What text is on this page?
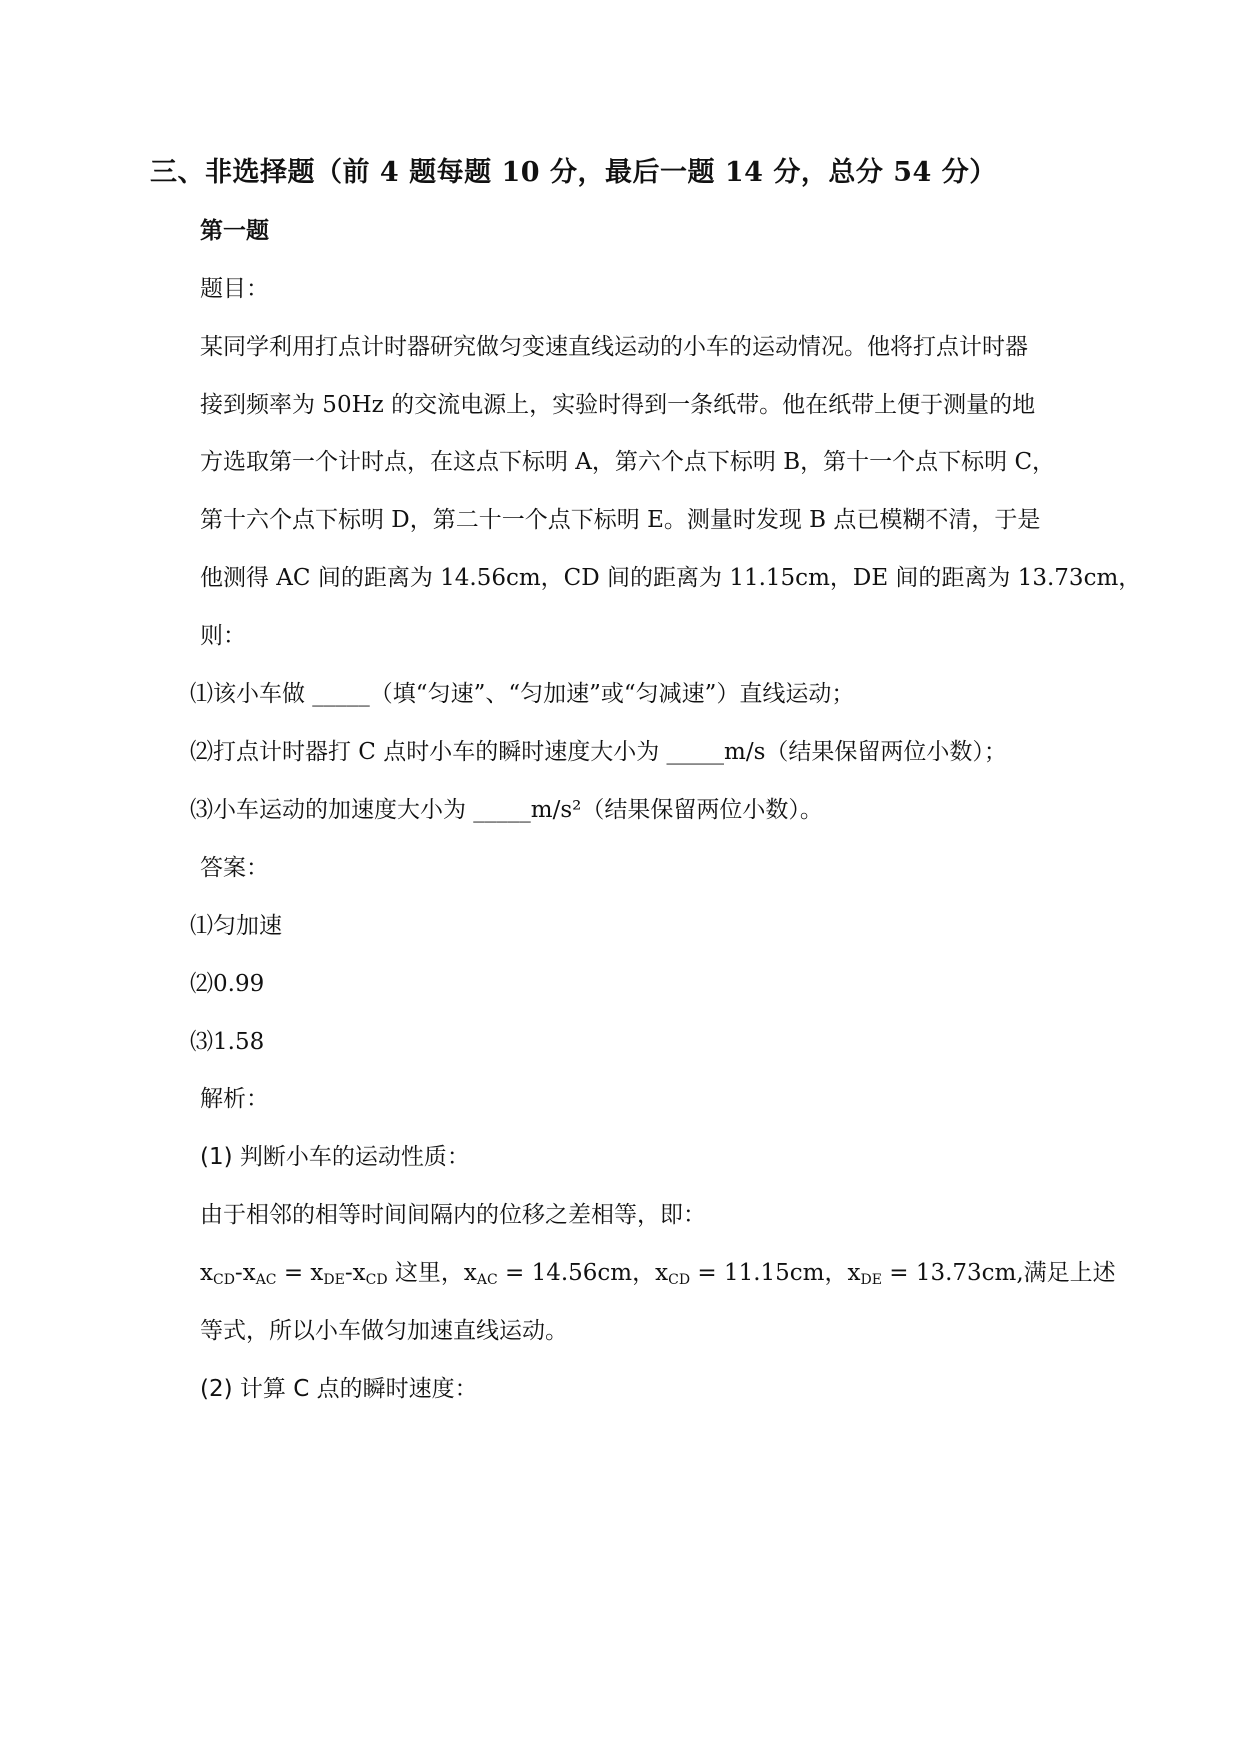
三、非选择题（前 4 题每题 10 分，最后一题 14 分，总分 54 分）
第一题
题目：
某同学利用打点计时器研究做匀变速直线运动的小车的运动情况。他将打点计时器
接到频率为 50Hz 的交流电源上，实验时得到一条纸带。他在纸带上便于测量的地
方选取第一个计时点，在这点下标明 A，第六个点下标明 B，第十一个点下标明 C，
第十六个点下标明 D，第二十一个点下标明 E。测量时发现 B 点已模糊不清，于是
他测得 AC 间的距离为 14.56cm，CD 间的距离为 11.15cm，DE 间的距离为 13.73cm，
则：
⑴该小车做 _____（填“匀速”、“匀加速”或“匀减速”）直线运动；
⑵打点计时器打 C 点时小车的瞬时速度大小为 _____m/s（结果保留两位小数）；
⑶小车运动的加速度大小为 _____m/s²（结果保留两位小数）。
答案：
⑴匀加速
⑵0.99
⑶1.58
解析：
(1) 判断小车的运动性质：
由于相邻的相等时间间隔内的位移之差相等，即：
$x_{CD}-x_{AC} = x_{DE}-x_{CD}$ 这里，$x_{AC} = 14.56cm$，$x_{CD} = 11.15cm$，$x_{DE} = 13.73cm$,满足上述
等式，所以小车做匀加速直线运动。
(2) 计算 C 点的瞬时速度：
